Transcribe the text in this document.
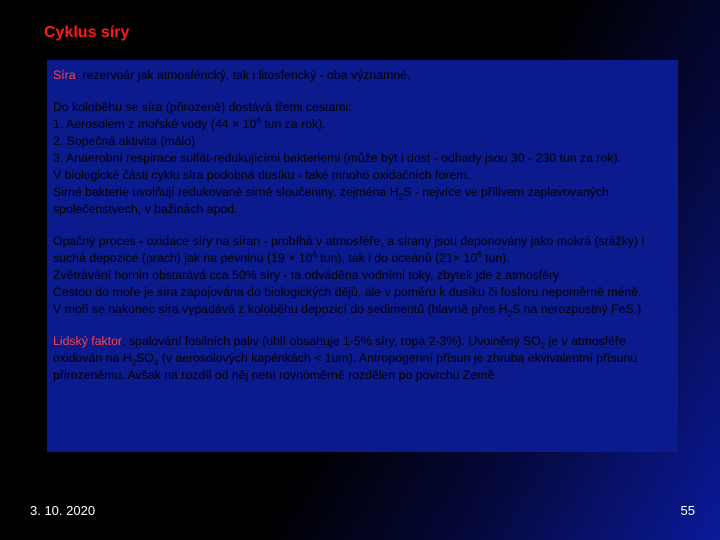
Cyklus síry

Síra: rezervoár jak atmosférický, tak i litosferický - oba významné.

Do koloběhu se síra (přirozeně) dostává třemi cestami:

1. Aerosolem z mořské vody ($44 \times 10^6$ tun za rok).

2. Sopečná aktivita (málo)

3. Anaerobní respirace sulfát-redukujícími bakteriemi (může být i dost - odhady jsou 30 - 230 tun za rok).

V biologické části cyklu síra podobná dusíku - také mnoho oxidačních forem.

Sirné bakterie uvolňují redukované sirné sloučeniny, zejména $H_2S$ - nejvíce ve přílivem zaplavovaných společenstvech, v bažinách apod.

Opačný proces - oxidace síry na síran - probíhá v atmosféře, a sírany jsou deponovány jako mokrá (srážky) i suchá depozice (prach) jak na pevninu ($19 \times 10^6$ tun), tak i do oceánů ($21\times 10^6$ tun).

Zvětrávání hornin obstarává cca 50% síry - ta odváděna vodními toky, zbytek jde z atmosféry.

Cestou do moře je síra zapojována do biologických dějů, ale v poměru k dusíku či fosforu nepoměrně méně.

V moři se nakonec síra vypadává z koloběhu depozicí do sedimentů (hlavně přes $H_2S$ na nerozpustný FeS.)

Lidský faktor: spalování fosilních paliv (uhlí obsahuje 1-5% síry, ropa 2-3%). Uvolněný $SO_2$ je v atmosféře oxidován na $H_2SO_4$ (v aerosolových kapénkách < 1um). Antropogenní přísun je zhruba ekvivalentní přísunu přirozenému. Avšak na rozdíl od něj není rovnoměrně rozdělen po povrchu Země.

3. 10. 2020	55
